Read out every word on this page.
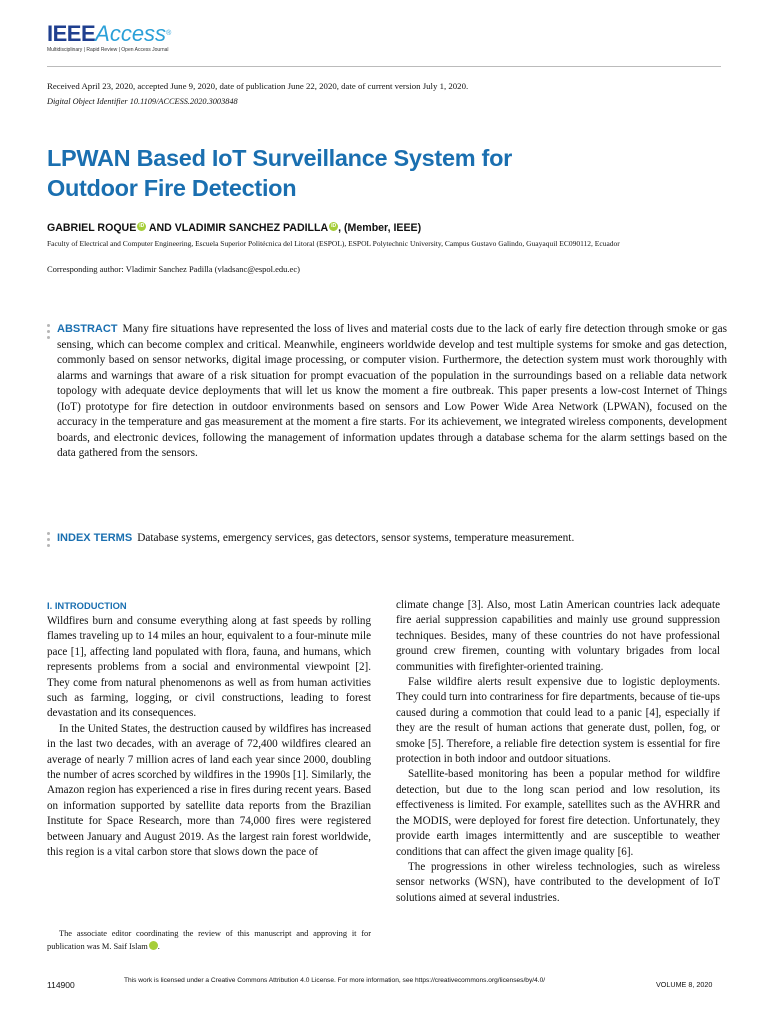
IEEEAccess®
Multidisciplinary | Rapid Review | Open Access Journal
Received April 23, 2020, accepted June 9, 2020, date of publication June 22, 2020, date of current version July 1, 2020.
Digital Object Identifier 10.1109/ACCESS.2020.3003848
LPWAN Based IoT Surveillance System for
Outdoor Fire Detection
GABRIEL ROQUE iD AND VLADIMIR SANCHEZ PADILLA iD , (Member, IEEE)
Faculty of Electrical and Computer Engineering, Escuela Superior Politécnica del Litoral (ESPOL), ESPOL Polytechnic University, Campus Gustavo Galindo, Guayaquil EC090112, Ecuador
Corresponding author: Vladimir Sanchez Padilla (vladsanc@espol.edu.ec)
ABSTRACT Many fire situations have represented the loss of lives and material costs due to the lack of early fire detection through smoke or gas sensing, which can become complex and critical. Meanwhile, engineers worldwide develop and test multiple systems for smoke and gas detection, commonly based on sensor networks, digital image processing, or computer vision. Furthermore, the detection system must work thoroughly with alarms and warnings that aware of a risk situation for prompt evacuation of the population in the surroundings based on a reliable data network topology with adequate device deployments that will let us know the moment a fire outbreak. This paper presents a low-cost Internet of Things (IoT) prototype for fire detection in outdoor environments based on sensors and Low Power Wide Area Network (LPWAN), focused on the accuracy in the temperature and gas measurement at the moment a fire starts. For its achievement, we integrated wireless components, development boards, and electronic devices, following the management of information updates through a database schema for the alarm settings based on the data gathered from the sensors.
INDEX TERMS Database systems, emergency services, gas detectors, sensor systems, temperature measurement.
I. INTRODUCTION

Wildfires burn and consume everything along at fast speeds by rolling flames traveling up to 14 miles an hour, equivalent to a four-minute mile pace [1], affecting land populated with flora, fauna, and humans, which represents problems from a social and environmental viewpoint [2]. They come from natural phenomenons as well as from human activities such as farming, logging, or civil constructions, leading to forest devastation and its consequences.

In the United States, the destruction caused by wildfires has increased in the last two decades, with an average of 72,400 wildfires cleared an average of nearly 7 million acres of land each year since 2000, doubling the number of acres scorched by wildfires in the 1990s [1]. Similarly, the Amazon region has experienced a rise in fires during recent years. Based on information supported by satellite data reports from the Brazilian Institute for Space Research, more than 74,000 fires were registered between January and August 2019. As the largest rain forest worldwide, this region is a vital carbon store that slows down the pace of

climate change [3]. Also, most Latin American countries lack adequate fire aerial suppression capabilities and mainly use ground suppression techniques. Besides, many of these countries do not have professional ground crew firemen, counting with voluntary brigades from local communities with firefighter-oriented training.

False wildfire alerts result expensive due to logistic deployments. They could turn into contrariness for fire departments, because of tie-ups caused during a commotion that could lead to a panic [4], especially if they are the result of human actions that generate dust, pollen, fog, or smoke [5]. Therefore, a reliable fire detection system is essential for fire protection in both indoor and outdoor situations.

Satellite-based monitoring has been a popular method for wildfire detection, but due to the long scan period and low resolution, its effectiveness is limited. For example, satellites such as the AVHRR and the MODIS, were deployed for forest fire detection. Unfortunately, they provide earth images intermittently and are susceptible to weather conditions that can affect the given image quality [6].

The progressions in other wireless technologies, such as wireless sensor networks (WSN), have contributed to the development of IoT solutions aimed at several industries.

The associate editor coordinating the review of this manuscript and approving it for publication was M. Saif Islam	iD.

114900	This work is licensed under a Creative Commons Attribution 4.0 License. For more information, see https://creativecommons.org/licenses/by/4.0/	VOLUME 8, 2020
